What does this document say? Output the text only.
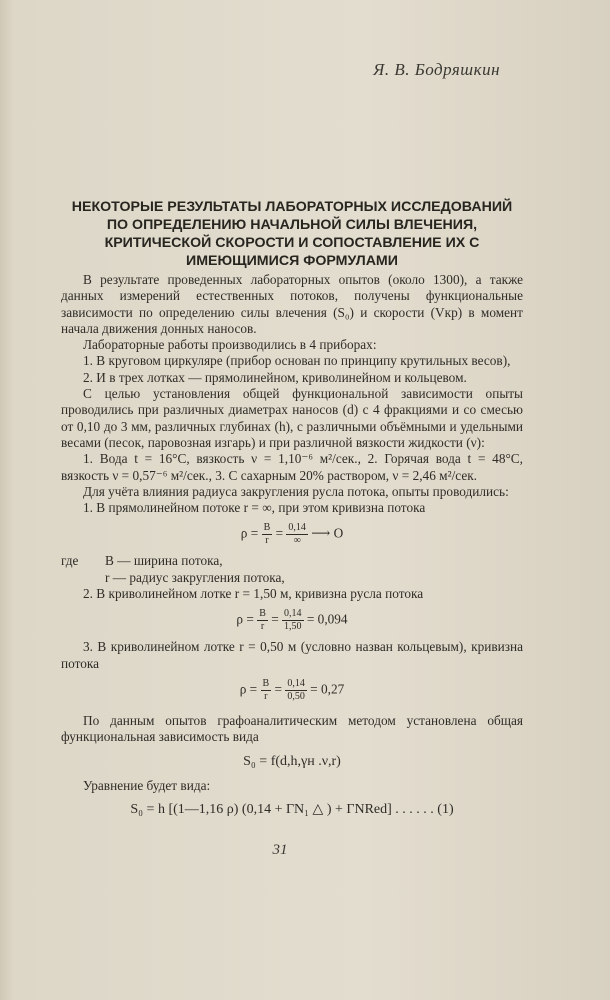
Я. В. Бодряшкин
НЕКОТОРЫЕ РЕЗУЛЬТАТЫ ЛАБОРАТОРНЫХ ИССЛЕДОВАНИЙ
ПО ОПРЕДЕЛЕНИЮ НАЧАЛЬНОЙ СИЛЫ ВЛЕЧЕНИЯ,
КРИТИЧЕСКОЙ СКОРОСТИ И СОПОСТАВЛЕНИЕ ИХ С
ИМЕЮЩИМИСЯ ФОРМУЛАМИ
В результате проведенных лабораторных опытов (около 1300), а также данных измерений естественных потоков, получены функциональные зависимости по определению силы влечения (S₀) и скорости (Vкр) в момент начала движения донных наносов.
Лабораторные работы производились в 4 приборах:
1. В круговом циркуляре (прибор основан по принципу крутильных весов),
2. И в трех лотках — прямолинейном, криволинейном и кольцевом.
С целью установления общей функциональной зависимости опыты проводились при различных диаметрах наносов (d) с 4 фракциями и со смесью от 0,10 до 3 мм, различных глубинах (h), с различными объёмными и удельными весами (песок, паровозная изгарь) и при различной вязкости жидкости (ν):
1. Вода t = 16°C, вязкость ν = 1,10⁻⁶ м²/сек., 2. Горячая вода t = 48°C, вязкость ν = 0,57⁻⁶ м²/сек., 3. С сахарным 20% раствором, ν = 2,46 м²/сек.
Для учёта влияния радиуса закругления русла потока, опыты проводились:
1. В прямолинейном потоке r = ∞, при этом кривизна потока
$\rho = \frac{B}{r} = \frac{0,14}{\infty}$ ⟶ O
где B — ширина потока,
r — радиус закругления потока,
2. В криволинейном лотке r = 1,50 м, кривизна русла потока
$\rho = \frac{B}{r} = \frac{0,14}{1,50} = 0,094$
3. В криволинейном лотке r = 0,50 м (условно назван кольцевым), кривизна потока
$\rho = \frac{B}{r} = \frac{0,14}{0,50} = 0,27$
По данным опытов графоаналитическим методом установлена общая функциональная зависимость вида
S₀ = f(d,h,γн .ν,r)
Уравнение будет вида:
S₀ = h [(1—1,16 ρ) (0,14 + ΓN₁ △ ) + ΓNRed] . . . . . . (1)
31
